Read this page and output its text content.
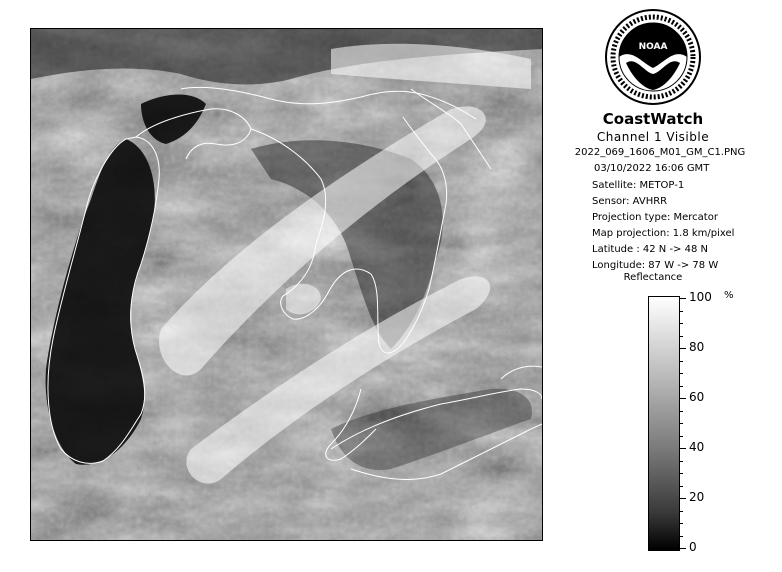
NOAA
CoastWatch
Channel 1 Visible
2022_069_1606_M01_GM_C1.PNG
03/10/2022 16:06 GMT
Satellite: METOP-1
Sensor: AVHRR
Projection type: Mercator
Map projection: 1.8 km/pixel
Latitude : 42 N -> 48 N
Longitude: 87 W -> 78 W
Reflectance
%
100
80
60
40
20
0
